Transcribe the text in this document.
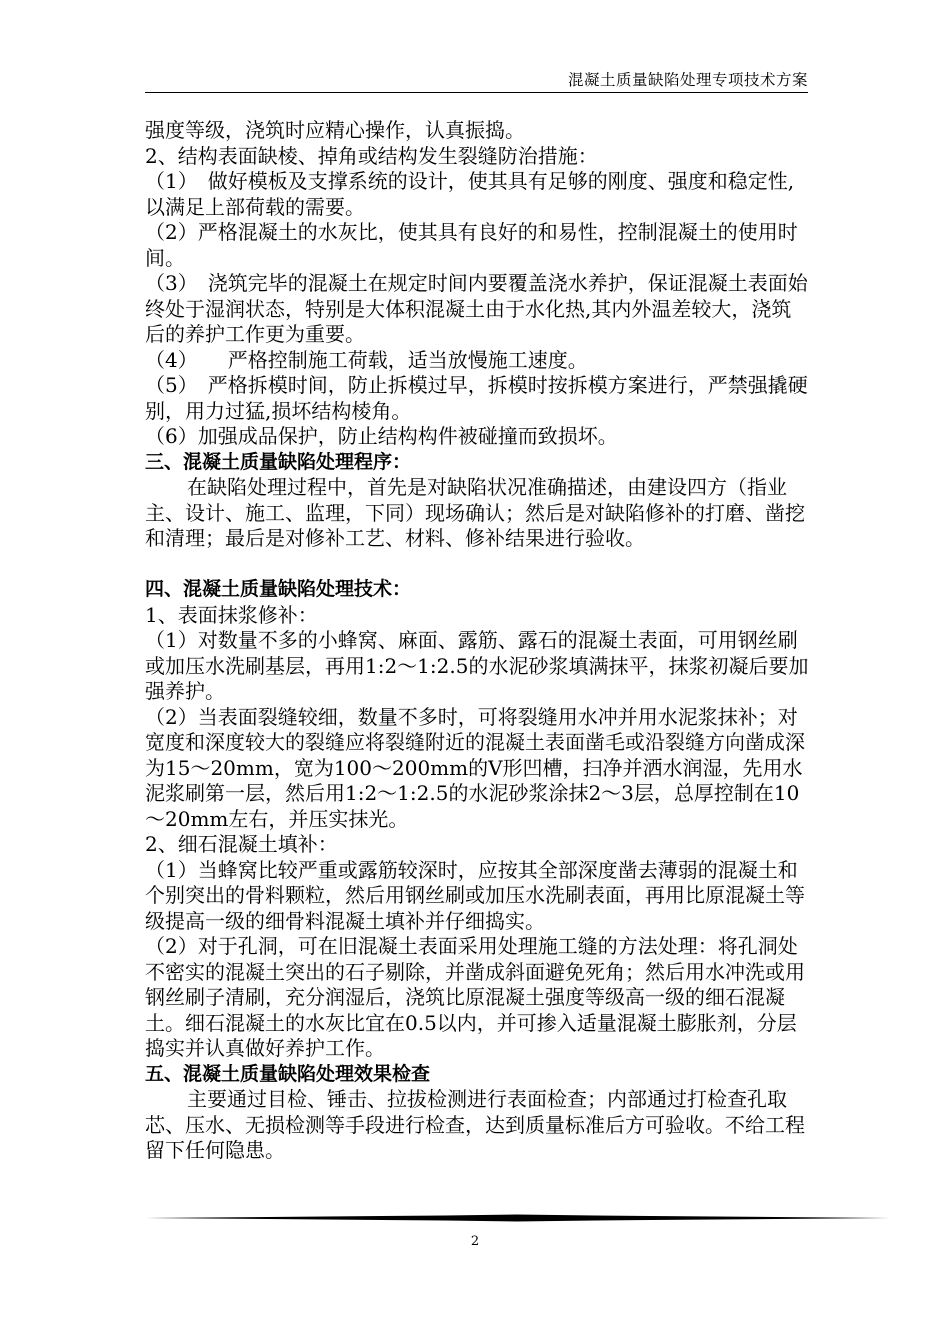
混凝土质量缺陷处理专项技术方案

强度等级，浇筑时应精心操作，认真振捣。

2、结构表面缺棱、掉角或结构发生裂缝防治措施：

（1）　做好模板及支撑系统的设计，使其具有足够的刚度、强度和稳定性,以满足上部荷载的需要。

（2）严格混凝土的水灰比，使其具有良好的和易性，控制混凝土的使用时间。

（3）　浇筑完毕的混凝土在规定时间内要覆盖浇水养护，保证混凝土表面始终处于湿润状态，特别是大体积混凝土由于水化热,其内外温差较大，浇筑后的养护工作更为重要。

（4）　　严格控制施工荷载，适当放慢施工速度。

（5）　严格拆模时间，防止拆模过早，拆模时按拆模方案进行，严禁强撬硬别，用力过猛,损坏结构棱角。

（6）加强成品保护，防止结构构件被碰撞而致损坏。

三、混凝土质量缺陷处理程序：

在缺陷处理过程中，首先是对缺陷状况准确描述，由建设四方（指业主、设计、施工、监理，下同）现场确认；然后是对缺陷修补的打磨、凿挖和清理；最后是对修补工艺、材料、修补结果进行验收。

四、混凝土质量缺陷处理技术：

1、表面抹浆修补：

（1）对数量不多的小蜂窝、麻面、露筋、露石的混凝土表面，可用钢丝刷或加压水洗刷基层，再用1:2～1:2.5的水泥砂浆填满抹平，抹浆初凝后要加强养护。

（2）当表面裂缝较细，数量不多时，可将裂缝用水冲并用水泥浆抹补；对宽度和深度较大的裂缝应将裂缝附近的混凝土表面凿毛或沿裂缝方向凿成深为15～20mm，宽为100～200mm的V形凹槽，扫净并洒水润湿，先用水泥浆刷第一层，然后用1:2～1:2.5的水泥砂浆涂抹2～3层，总厚控制在10～20mm左右，并压实抹光。

2、细石混凝土填补：

（1）当蜂窝比较严重或露筋较深时，应按其全部深度凿去薄弱的混凝土和个别突出的骨料颗粒，然后用钢丝刷或加压水洗刷表面，再用比原混凝土等级提高一级的细骨料混凝土填补并仔细捣实。

（2）对于孔洞，可在旧混凝土表面采用处理施工缝的方法处理：将孔洞处不密实的混凝土突出的石子剔除，并凿成斜面避免死角；然后用水冲洗或用钢丝刷子清刷，充分润湿后，浇筑比原混凝土强度等级高一级的细石混凝土。细石混凝土的水灰比宜在0.5以内，并可掺入适量混凝土膨胀剂，分层捣实并认真做好养护工作。

五、混凝土质量缺陷处理效果检查

主要通过目检、锤击、拉拔检测进行表面检查；内部通过打检查孔取芯、压水、无损检测等手段进行检查，达到质量标准后方可验收。不给工程留下任何隐患。

2
